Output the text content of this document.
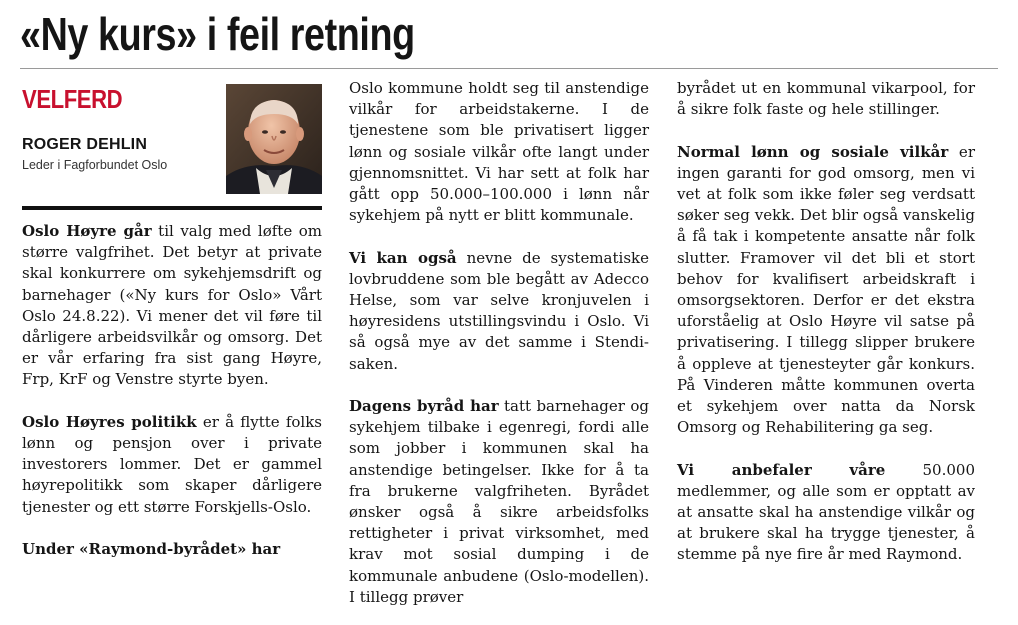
«Ny kurs» i feil retning
VELFERD
ROGER DEHLIN
Leder i Fagforbundet Oslo

Oslo Høyre går til valg med løfte om større valgfrihet. Det betyr at private skal konkurrere om sykehjemsdrift og barnehager («Ny kurs for Oslo» Vårt Oslo 24.8.22). Vi mener det vil føre til dårligere arbeidsvilkår og omsorg. Det er vår erfaring fra sist gang Høyre, Frp, KrF og Venstre styrte byen.

Oslo Høyres politikk er å flytte folks lønn og pensjon over i private investorers lommer. Det er gammel høyrepolitikk som skaper dårligere tjenester og ett større Forskjells-Oslo.

Under «Raymond-byrådet» har

Oslo kommune holdt seg til anstendige vilkår for arbeidstakerne. I de tjenestene som ble privatisert ligger lønn og sosiale vilkår ofte langt under gjennomsnittet. Vi har sett at folk har gått opp 50.000–100.000 i lønn når sykehjem på nytt er blitt kommunale.

Vi kan også nevne de systematiske lovbruddene som ble begått av Adecco Helse, som var selve kronjuvelen i høyresidens utstillingsvindu i Oslo. Vi så også mye av det samme i Stendi-saken.

Dagens byråd har tatt barnehager og sykehjem tilbake i egenregi, fordi alle som jobber i kommunen skal ha anstendige betingelser. Ikke for å ta fra brukerne valgfriheten. Byrådet ønsker også å sikre arbeidsfolks rettigheter i privat virksomhet, med krav mot sosial dumping i de kommunale anbudene (Oslo-modellen). I tillegg prøver

byrådet ut en kommunal vikarpool, for å sikre folk faste og hele stillinger.

Normal lønn og sosiale vilkår er ingen garanti for god omsorg, men vi vet at folk som ikke føler seg verdsatt søker seg vekk. Det blir også vanskelig å få tak i kompetente ansatte når folk slutter. Framover vil det bli et stort behov for kvalifisert arbeidskraft i omsorgsektoren. Derfor er det ekstra uforståelig at Oslo Høyre vil satse på privatisering. I tillegg slipper brukere å oppleve at tjenesteyter går konkurs. På Vinderen måtte kommunen overta et sykehjem over natta da Norsk Omsorg og Rehabilitering ga seg.

Vi anbefaler våre 50.000 medlemmer, og alle som er opptatt av at ansatte skal ha anstendige vilkår og at brukere skal ha trygge tjenester, å stemme på nye fire år med Raymond.
